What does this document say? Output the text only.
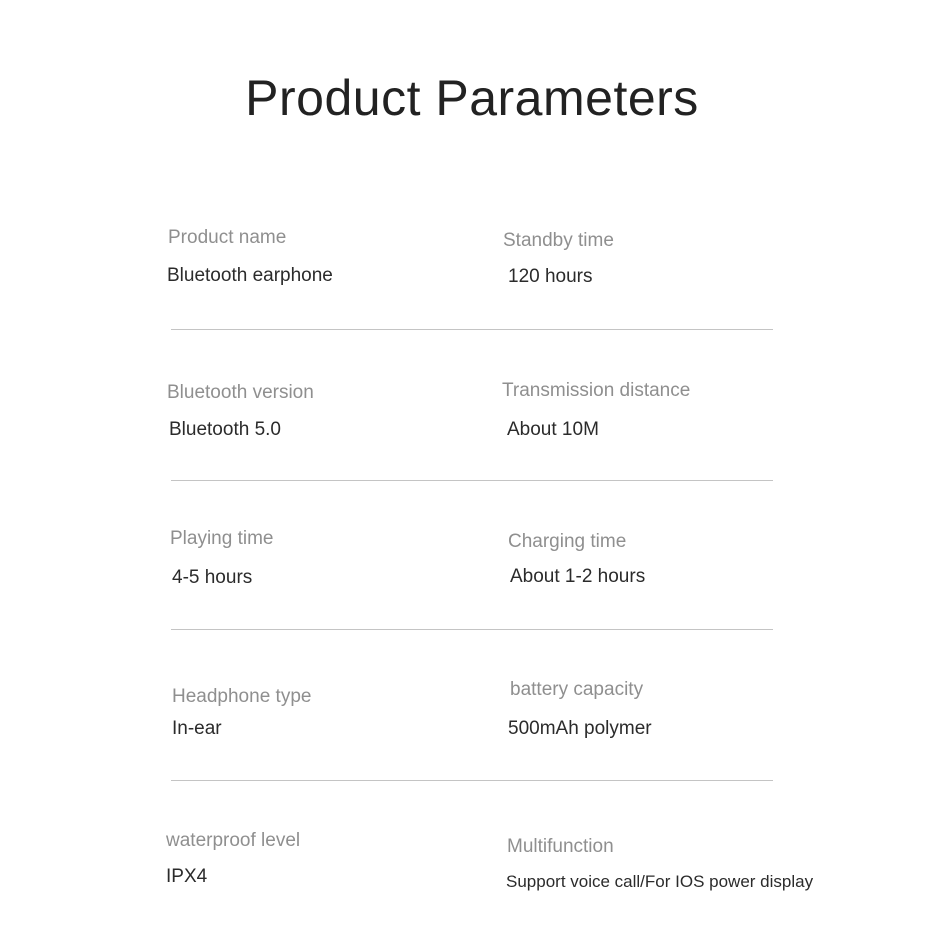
Product Parameters
Product name
Bluetooth earphone
Standby time
120 hours
Bluetooth version
Bluetooth 5.0
Transmission distance
About 10M
Playing time
4-5 hours
Charging time
About 1-2 hours
Headphone type
In-ear
battery capacity
500mAh polymer
waterproof level
IPX4
Multifunction
Support voice call/For IOS power display
